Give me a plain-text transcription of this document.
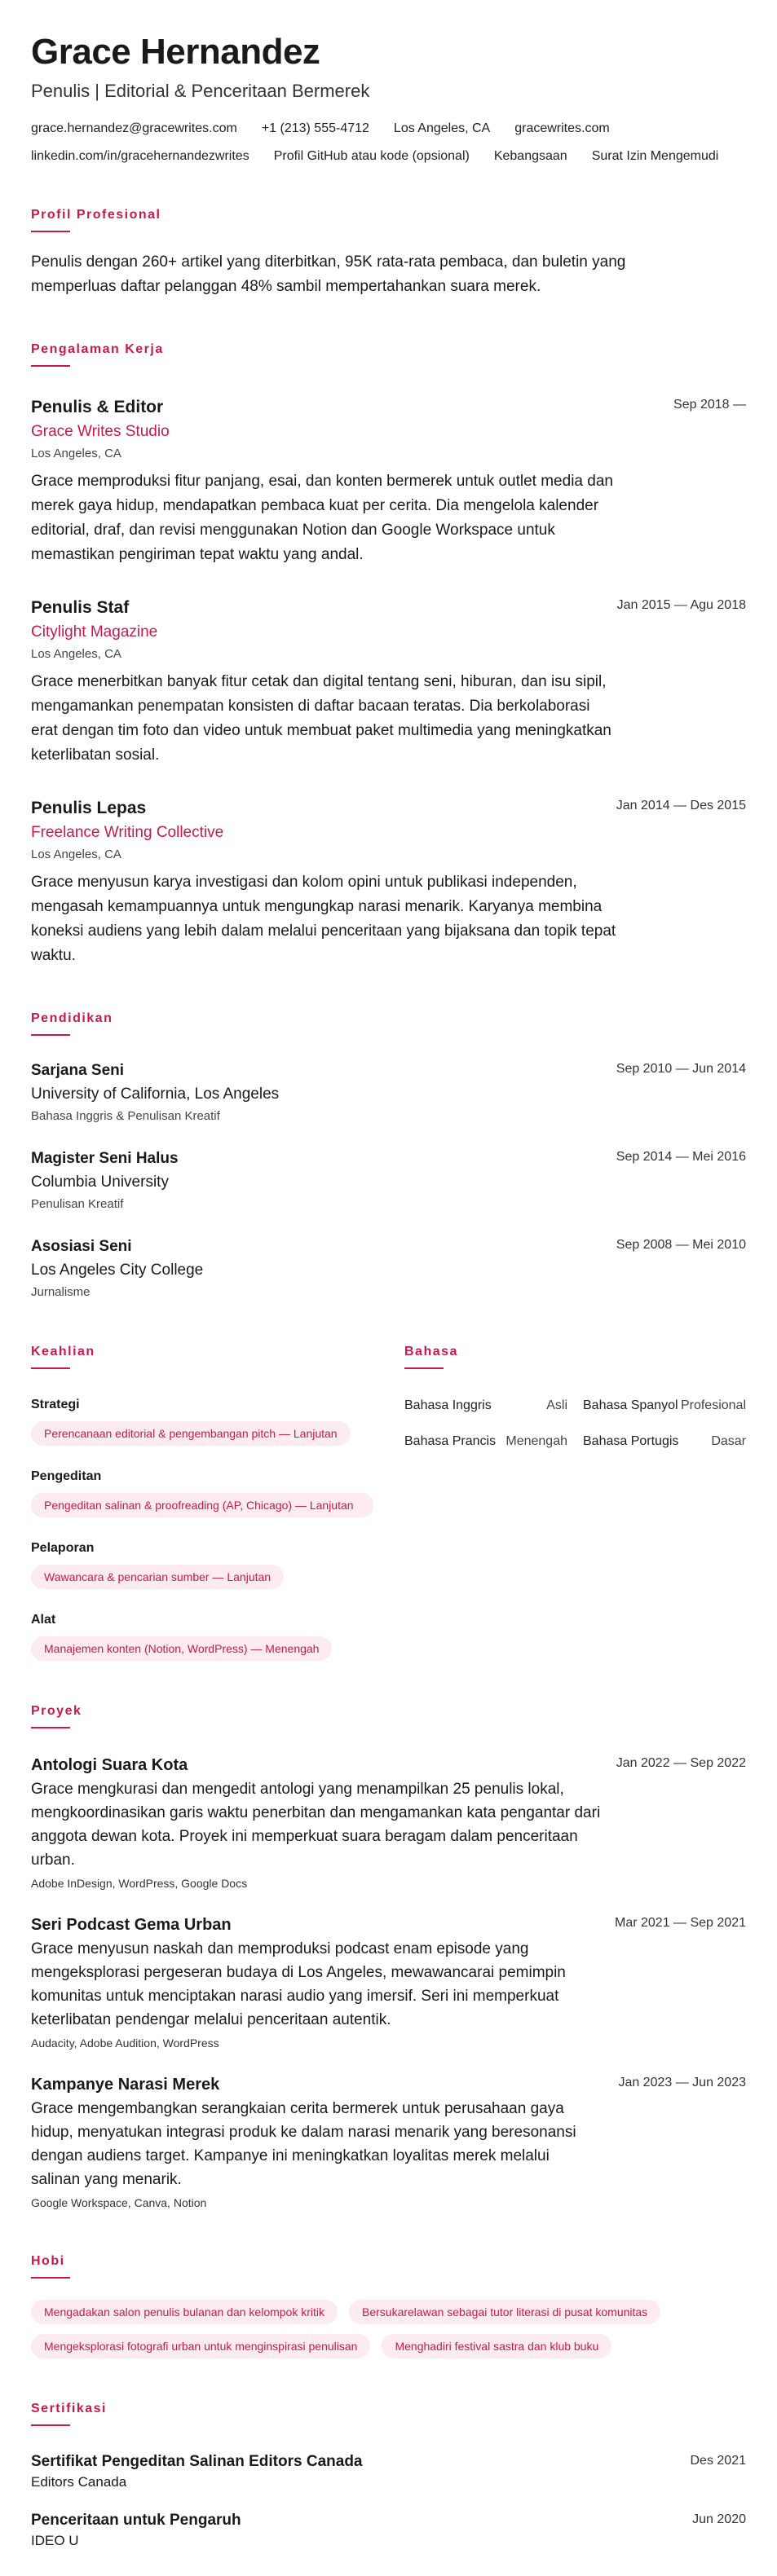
Grace Hernandez
Penulis | Editorial & Penceritaan Bermerek
grace.hernandez@gracewrites.com +1 (213) 555-4712 Los Angeles, CA gracewrites.com
linkedin.com/in/gracehernandezwrites Profil GitHub atau kode (opsional) Kebangsaan Surat Izin Mengemudi
Profil Profesional

Penulis dengan 260+ artikel yang diterbitkan, 95K rata-rata pembaca, dan buletin yang memperluas daftar pelanggan 48% sambil mempertahankan suara merek.

Pengalaman Kerja
Penulis & Editor	Sep 2018 —
Grace Writes Studio
Los Angeles, CA

Grace memproduksi fitur panjang, esai, dan konten bermerek untuk outlet media dan merek gaya hidup, mendapatkan pembaca kuat per cerita. Dia mengelola kalender editorial, draf, dan revisi menggunakan Notion dan Google Workspace untuk memastikan pengiriman tepat waktu yang andal.

Penulis Staf	Jan 2015 — Agu 2018
Citylight Magazine
Los Angeles, CA

Grace menerbitkan banyak fitur cetak dan digital tentang seni, hiburan, dan isu sipil, mengamankan penempatan konsisten di daftar bacaan teratas. Dia berkolaborasi erat dengan tim foto dan video untuk membuat paket multimedia yang meningkatkan keterlibatan sosial.

Penulis Lepas	Jan 2014 — Des 2015
Freelance Writing Collective
Los Angeles, CA

Grace menyusun karya investigasi dan kolom opini untuk publikasi independen, mengasah kemampuannya untuk mengungkap narasi menarik. Karyanya membina koneksi audiens yang lebih dalam melalui penceritaan yang bijaksana dan topik tepat waktu.

Pendidikan
Sarjana Seni	Sep 2010 — Jun 2014
University of California, Los Angeles
Bahasa Inggris & Penulisan Kreatif
Magister Seni Halus	Sep 2014 — Mei 2016
Columbia University
Penulisan Kreatif
Asosiasi Seni	Sep 2008 — Mei 2010
Los Angeles City College
Jurnalisme
Keahlian
Strategi
Perencanaan editorial & pengembangan pitch — Lanjutan
Pengeditan
Pengeditan salinan & proofreading (AP, Chicago) — Lanjutan
Pelaporan
Wawancara & pencarian sumber — Lanjutan
Alat
Manajemen konten (Notion, WordPress) — Menengah
Bahasa
Bahasa Inggris	Asli Bahasa Spanyol Profesional
Bahasa Prancis Menengah Bahasa Portugis Dasar
Proyek
Antologi Suara Kota	Jan 2022 — Sep 2022

Grace mengkurasi dan mengedit antologi yang menampilkan 25 penulis lokal, mengkoordinasikan garis waktu penerbitan dan mengamankan kata pengantar dari anggota dewan kota. Proyek ini memperkuat suara beragam dalam penceritaan urban.

Adobe InDesign, WordPress, Google Docs
Seri Podcast Gema Urban	Mar 2021 — Sep 2021

Grace menyusun naskah dan memproduksi podcast enam episode yang mengeksplorasi pergeseran budaya di Los Angeles, mewawancarai pemimpin komunitas untuk menciptakan narasi audio yang imersif. Seri ini memperkuat keterlibatan pendengar melalui penceritaan autentik.

Audacity, Adobe Audition, WordPress
Kampanye Narasi Merek	Jan 2023 — Jun 2023

Grace mengembangkan serangkaian cerita bermerek untuk perusahaan gaya hidup, menyatukan integrasi produk ke dalam narasi menarik yang beresonansi dengan audiens target. Kampanye ini meningkatkan loyalitas merek melalui salinan yang menarik.

Google Workspace, Canva, Notion
Hobi
Mengadakan salon penulis bulanan dan kelompok kritik	Bersukarelawan sebagai tutor literasi di pusat komunitas
Mengeksplorasi fotografi urban untuk menginspirasi penulisan	Menghadiri festival sastra dan klub buku
Sertifikasi
Sertifikat Pengeditan Salinan Editors Canada	Des 2021
Editors Canada
Penceritaan untuk Pengaruh	Jun 2020
IDEO U
